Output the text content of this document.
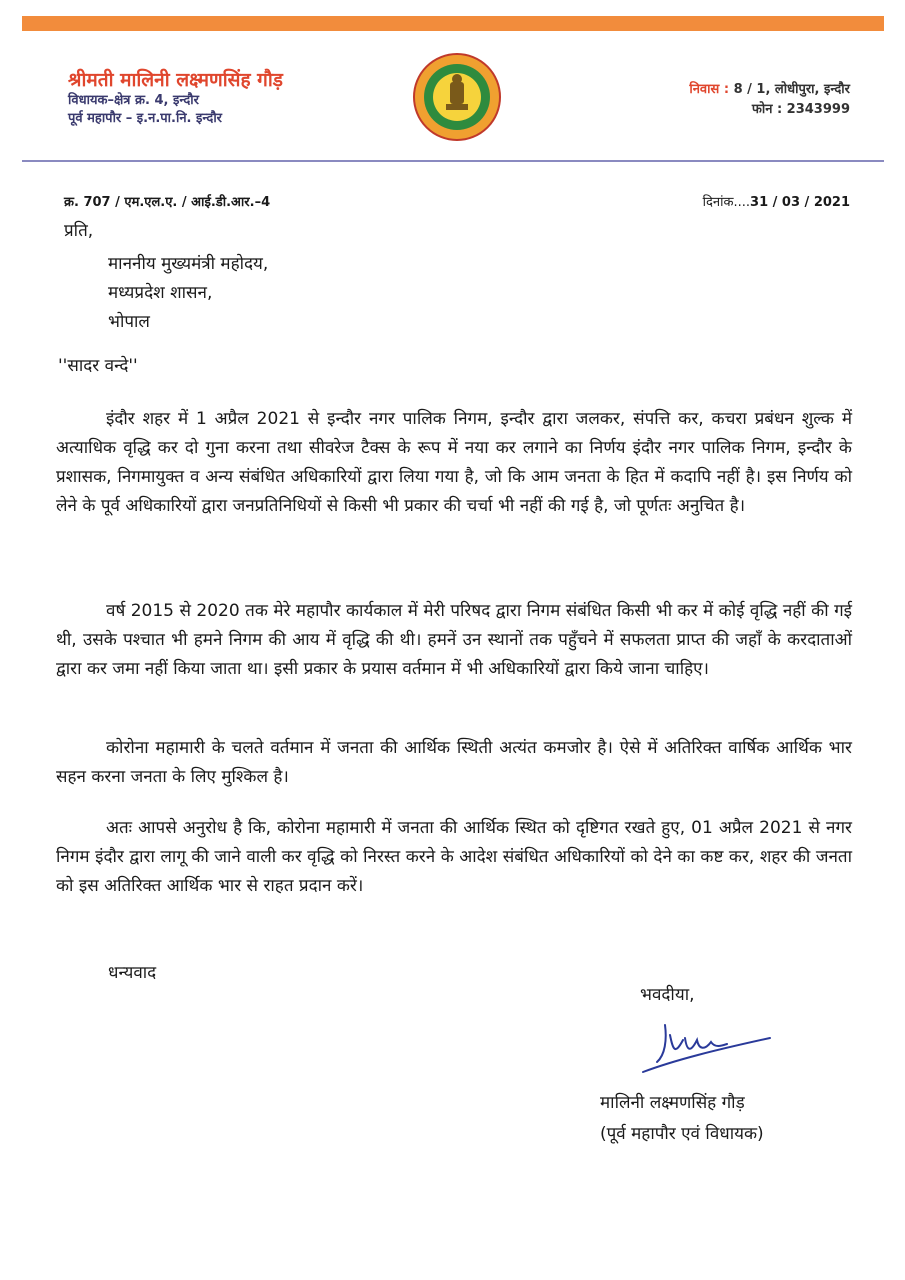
श्रीमती मालिनी लक्ष्मणसिंह गौड़
विधायक–क्षेत्र क्र. 4, इन्दौर
पूर्व महापौर – इ.न.पा.नि. इन्दौर
निवास : 8 / 1, लोधीपुरा, इन्दौर
फोन : 2343999
क्र. 707 / एम.एल.ए. / आई.डी.आर.–4	दिनांक....31 / 03 / 2021
प्रति,
माननीय मुख्यमंत्री महोदय,
मध्यप्रदेश शासन,
भोपाल
''सादर वन्दे''
इंदौर शहर में 1 अप्रैल 2021 से इन्दौर नगर पालिक निगम, इन्दौर द्वारा जलकर, संपत्ति कर, कचरा प्रबंधन शुल्क में अत्याधिक वृद्धि कर दो गुना करना तथा सीवरेज टैक्स के रूप में नया कर लगाने का निर्णय इंदौर नगर पालिक निगम, इन्दौर के प्रशासक, निगमायुक्त व अन्य संबंधित अधिकारियों द्वारा लिया गया है, जो कि आम जनता के हित में कदापि नहीं है। इस निर्णय को लेने के पूर्व अधिकारियों द्वारा जनप्रतिनिधियों से किसी भी प्रकार की चर्चा भी नहीं की गई है, जो पूर्णतः अनुचित है।
वर्ष 2015 से 2020 तक मेरे महापौर कार्यकाल में मेरी परिषद द्वारा निगम संबंधित किसी भी कर में कोई वृद्धि नहीं की गई थी, उसके पश्चात भी हमने निगम की आय में वृद्धि की थी। हमनें उन स्थानों तक पहुँचने में सफलता प्राप्त की जहाँ के करदाताओं द्वारा कर जमा नहीं किया जाता था। इसी प्रकार के प्रयास वर्तमान में भी अधिकारियों द्वारा किये जाना चाहिए।
कोरोना महामारी के चलते वर्तमान में जनता की आर्थिक स्थिती अत्यंत कमजोर है। ऐसे में अतिरिक्त वार्षिक आर्थिक भार सहन करना जनता के लिए मुश्किल है।
अतः आपसे अनुरोध है कि, कोरोना महामारी में जनता की आर्थिक स्थित को दृष्टिगत रखते हुए, 01 अप्रैल 2021 से नगर निगम इंदौर द्वारा लागू की जाने वाली कर वृद्धि को निरस्त करने के आदेश संबंधित अधिकारियों को देने का कष्ट कर, शहर की जनता को इस अतिरिक्त आर्थिक भार से राहत प्रदान करें।
धन्यवाद
भवदीया,
मालिनी लक्ष्मणसिंह गौड़
(पूर्व महापौर एवं विधायक)
